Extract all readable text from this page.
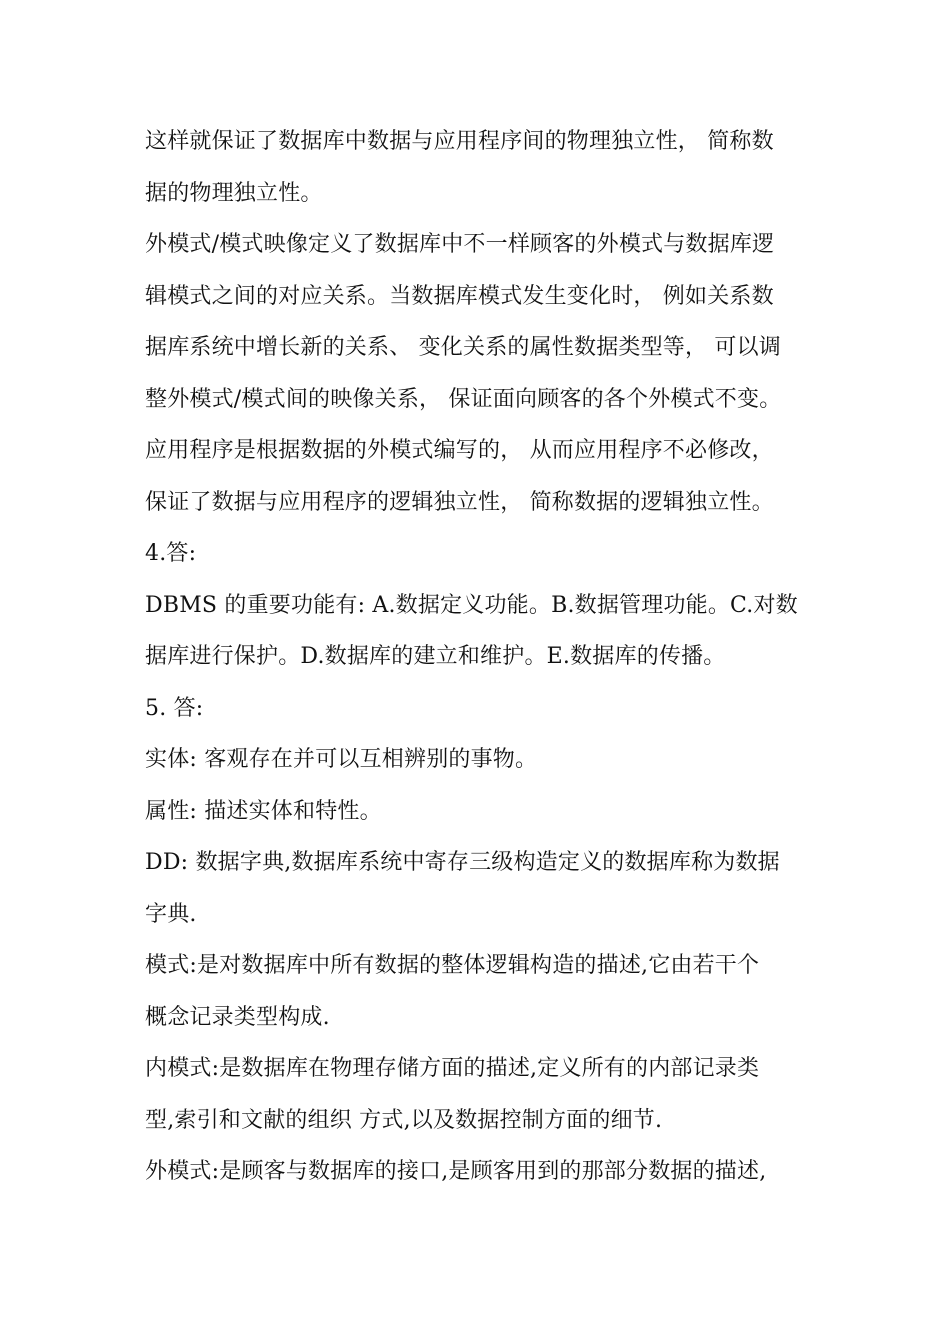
这样就保证了数据库中数据与应用程序间的物理独立性， 简称数
据的物理独立性。

外模式/模式映像定义了数据库中不一样顾客的外模式与数据库逻
辑模式之间的对应关系。当数据库模式发生变化时， 例如关系数
据库系统中增长新的关系、 变化关系的属性数据类型等， 可以调
整外模式/模式间的映像关系， 保证面向顾客的各个外模式不变。
应用程序是根据数据的外模式编写的， 从而应用程序不必修改，
保证了数据与应用程序的逻辑独立性， 简称数据的逻辑独立性。

4.答:

DBMS 的重要功能有: A.数据定义功能。B.数据管理功能。C.对数
据库进行保护。D.数据库的建立和维护。E.数据库的传播。

5. 答:

实体: 客观存在并可以互相辨别的事物。

属性: 描述实体和特性。

DD: 数据字典,数据库系统中寄存三级构造定义的数据库称为数据
字典.

模式:是对数据库中所有数据的整体逻辑构造的描述,它由若干个
概念记录类型构成.

内模式:是数据库在物理存储方面的描述,定义所有的内部记录类
型,索引和文献的组织 方式,以及数据控制方面的细节.

外模式:是顾客与数据库的接口,是顾客用到的那部分数据的描述,
